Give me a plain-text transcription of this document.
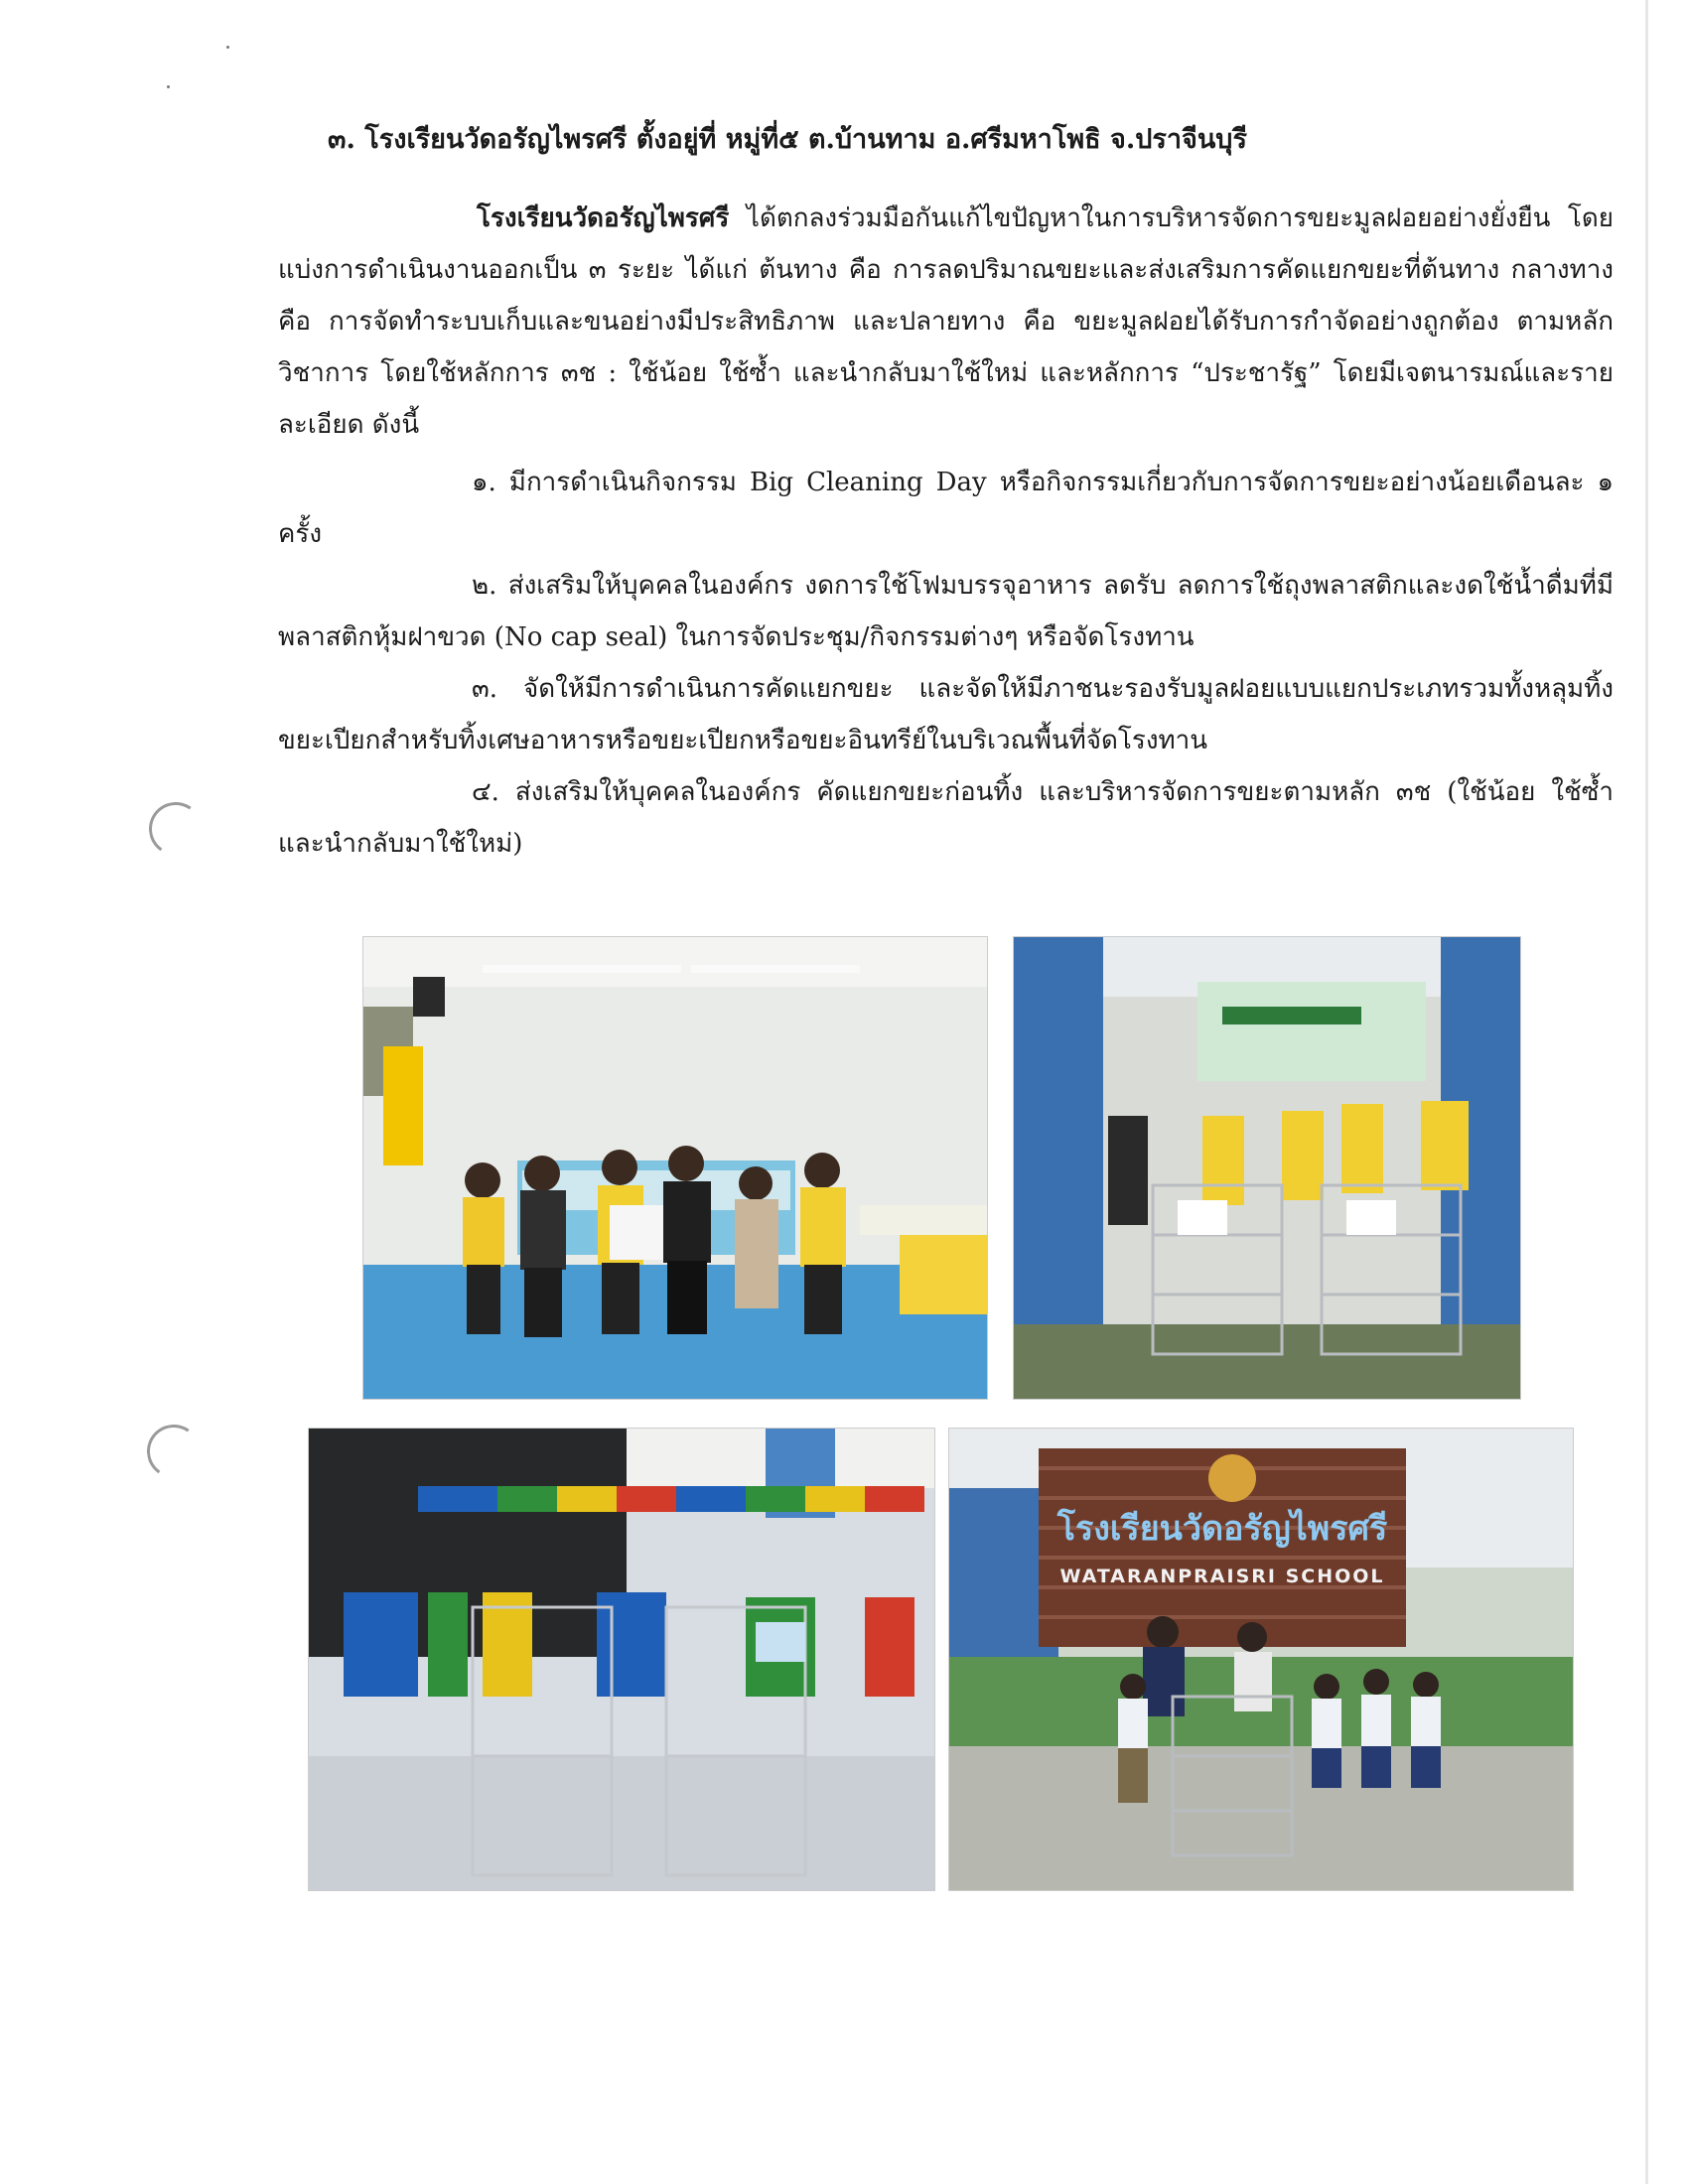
๓. โรงเรียนวัดอรัญไพรศรี ตั้งอยู่ที่ หมู่ที่๕ ต.บ้านทาม อ.ศรีมหาโพธิ จ.ปราจีนบุรี
โรงเรียนวัดอรัญไพรศรี ได้ตกลงร่วมมือกันแก้ไขปัญหาในการบริหารจัดการขยะมูลฝอยอย่างยั่งยืน โดยแบ่งการดำเนินงานออกเป็น ๓ ระยะ ได้แก่ ต้นทาง คือ การลดปริมาณขยะและส่งเสริมการคัดแยกขยะที่ต้นทาง กลางทาง คือ การจัดทำระบบเก็บและขนอย่างมีประสิทธิภาพ และปลายทาง คือ ขยะมูลฝอยได้รับการกำจัดอย่างถูกต้อง ตามหลักวิชาการ โดยใช้หลักการ ๓ช : ใช้น้อย ใช้ซ้ำ และนำกลับมาใช้ใหม่ และหลักการ “ประชารัฐ” โดยมีเจตนารมณ์และรายละเอียด ดังนี้
๑. มีการดำเนินกิจกรรม Big Cleaning Day หรือกิจกรรมเกี่ยวกับการจัดการขยะอย่างน้อยเดือนละ ๑ ครั้ง
๒. ส่งเสริมให้บุคคลในองค์กร งดการใช้โฟมบรรจุอาหาร ลดรับ ลดการใช้ถุงพลาสติกและงดใช้น้ำดื่มที่มีพลาสติกหุ้มฝาขวด (No cap seal) ในการจัดประชุม/กิจกรรมต่างๆ หรือจัดโรงทาน
๓. จัดให้มีการดำเนินการคัดแยกขยะ และจัดให้มีภาชนะรองรับมูลฝอยแบบแยกประเภทรวมทั้งหลุมทิ้งขยะเปียกสำหรับทิ้งเศษอาหารหรือขยะเปียกหรือขยะอินทรีย์ในบริเวณพื้นที่จัดโรงทาน
๔. ส่งเสริมให้บุคคลในองค์กร คัดแยกขยะก่อนทิ้ง และบริหารจัดการขยะตามหลัก ๓ช (ใช้น้อย ใช้ซ้ำ และนำกลับมาใช้ใหม่)
โรงเรียนวัดอรัญไพรศรี
WATARANPRAISRI SCHOOL
